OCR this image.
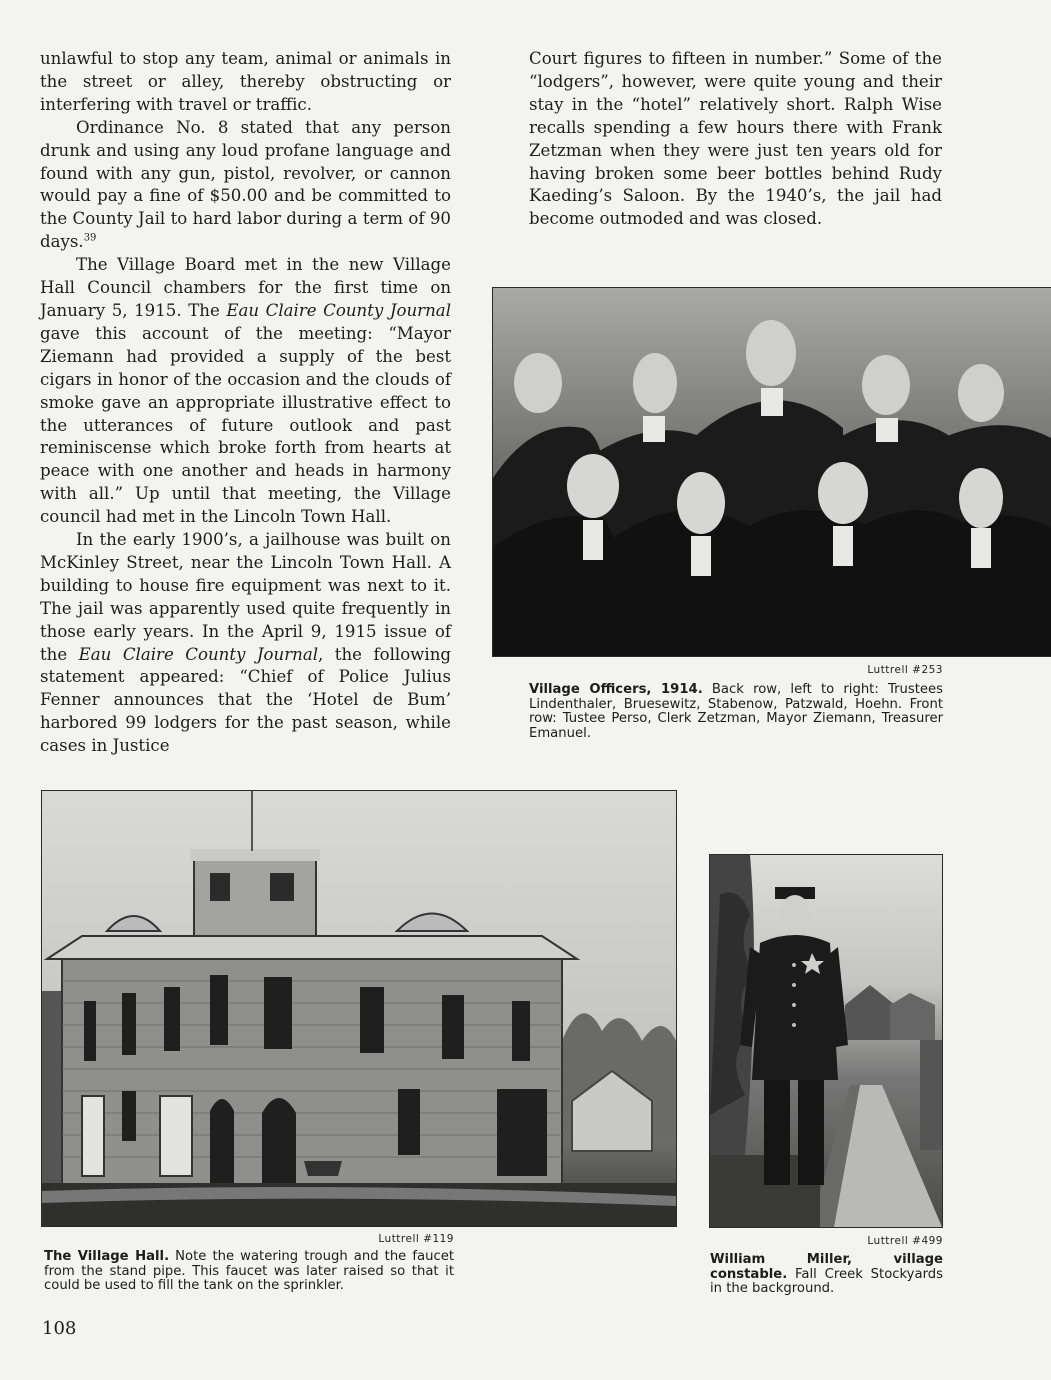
unlawful to stop any team, animal or animals in the street or alley, thereby obstructing or interfering with travel or traffic.

Ordinance No. 8 stated that any person drunk and using any loud profane language and found with any gun, pistol, revolver, or cannon would pay a fine of $50.00 and be committed to the County Jail to hard labor during a term of 90 days.$^{39}$

The Village Board met in the new Village Hall Council chambers for the first time on January 5, 1915. The Eau Claire County Journal gave this account of the meeting: “Mayor Ziemann had provided a supply of the best cigars in honor of the occasion and the clouds of smoke gave an appropriate illustrative effect to the utterances of future outlook and past reminiscense which broke forth from hearts at peace with one another and heads in harmony with all.” Up until that meeting, the Village council had met in the Lincoln Town Hall.

In the early 1900’s, a jailhouse was built on McKinley Street, near the Lincoln Town Hall. A building to house fire equipment was next to it. The jail was apparently used quite frequently in those early years. In the April 9, 1915 issue of the Eau Claire County Journal, the following statement appeared: “Chief of Police Julius Fenner announces that the ‘Hotel de Bum’ harbored 99 lodgers for the past season, while cases in Justice

Court figures to fifteen in number.” Some of the “lodgers”, however, were quite young and their stay in the “hotel” relatively short. Ralph Wise recalls spending a few hours there with Frank Zetzman when they were just ten years old for having broken some beer bottles behind Rudy Kaeding’s Saloon. By the 1940’s, the jail had become outmoded and was closed.

Luttrell #253
Village Officers, 1914. Back row, left to right: Trustees Lindenthaler, Bruesewitz, Stabenow, Patzwald, Hoehn. Front row: Tustee Perso, Clerk Zetzman, Mayor Ziemann, Treasurer Emanuel.
Luttrell #119
The Village Hall. Note the watering trough and the faucet from the stand pipe. This faucet was later raised so that it could be used to fill the tank on the sprinkler.
Luttrell #499
William Miller, village constable. Fall Creek Stockyards in the background.
108
